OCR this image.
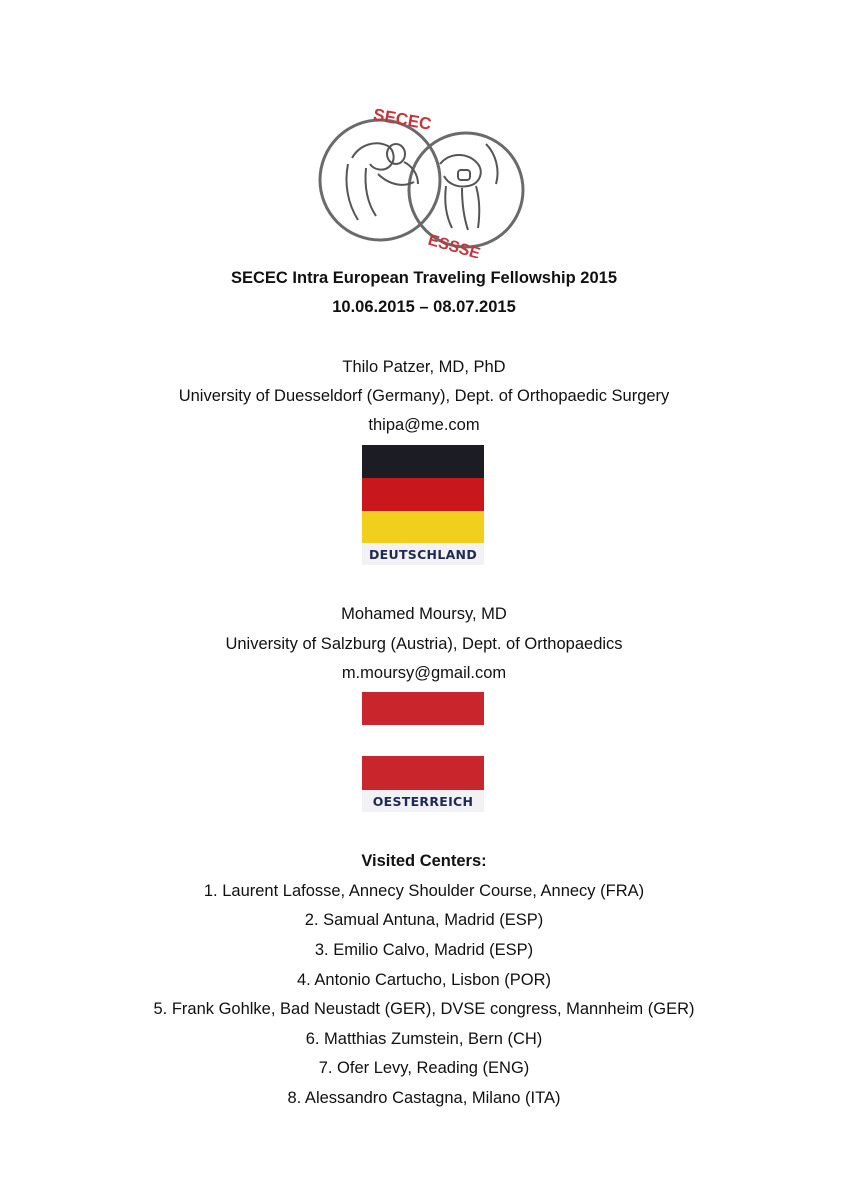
SECEC
ESSSE
SECEC Intra European Traveling Fellowship 2015
10.06.2015 – 08.07.2015
Thilo Patzer, MD, PhD
University of Duesseldorf (Germany), Dept. of Orthopaedic Surgery
thipa@me.com
DEUTSCHLAND
Mohamed Moursy, MD
University of Salzburg (Austria), Dept. of Orthopaedics
m.moursy@gmail.com
OESTERREICH
Visited Centers:
1. Laurent Lafosse, Annecy Shoulder Course, Annecy (FRA)
2. Samual Antuna, Madrid (ESP)
3. Emilio Calvo, Madrid (ESP)
4. Antonio Cartucho, Lisbon (POR)
5. Frank Gohlke, Bad Neustadt (GER), DVSE congress, Mannheim (GER)
6. Matthias Zumstein, Bern (CH)
7. Ofer Levy, Reading (ENG)
8. Alessandro Castagna, Milano (ITA)
